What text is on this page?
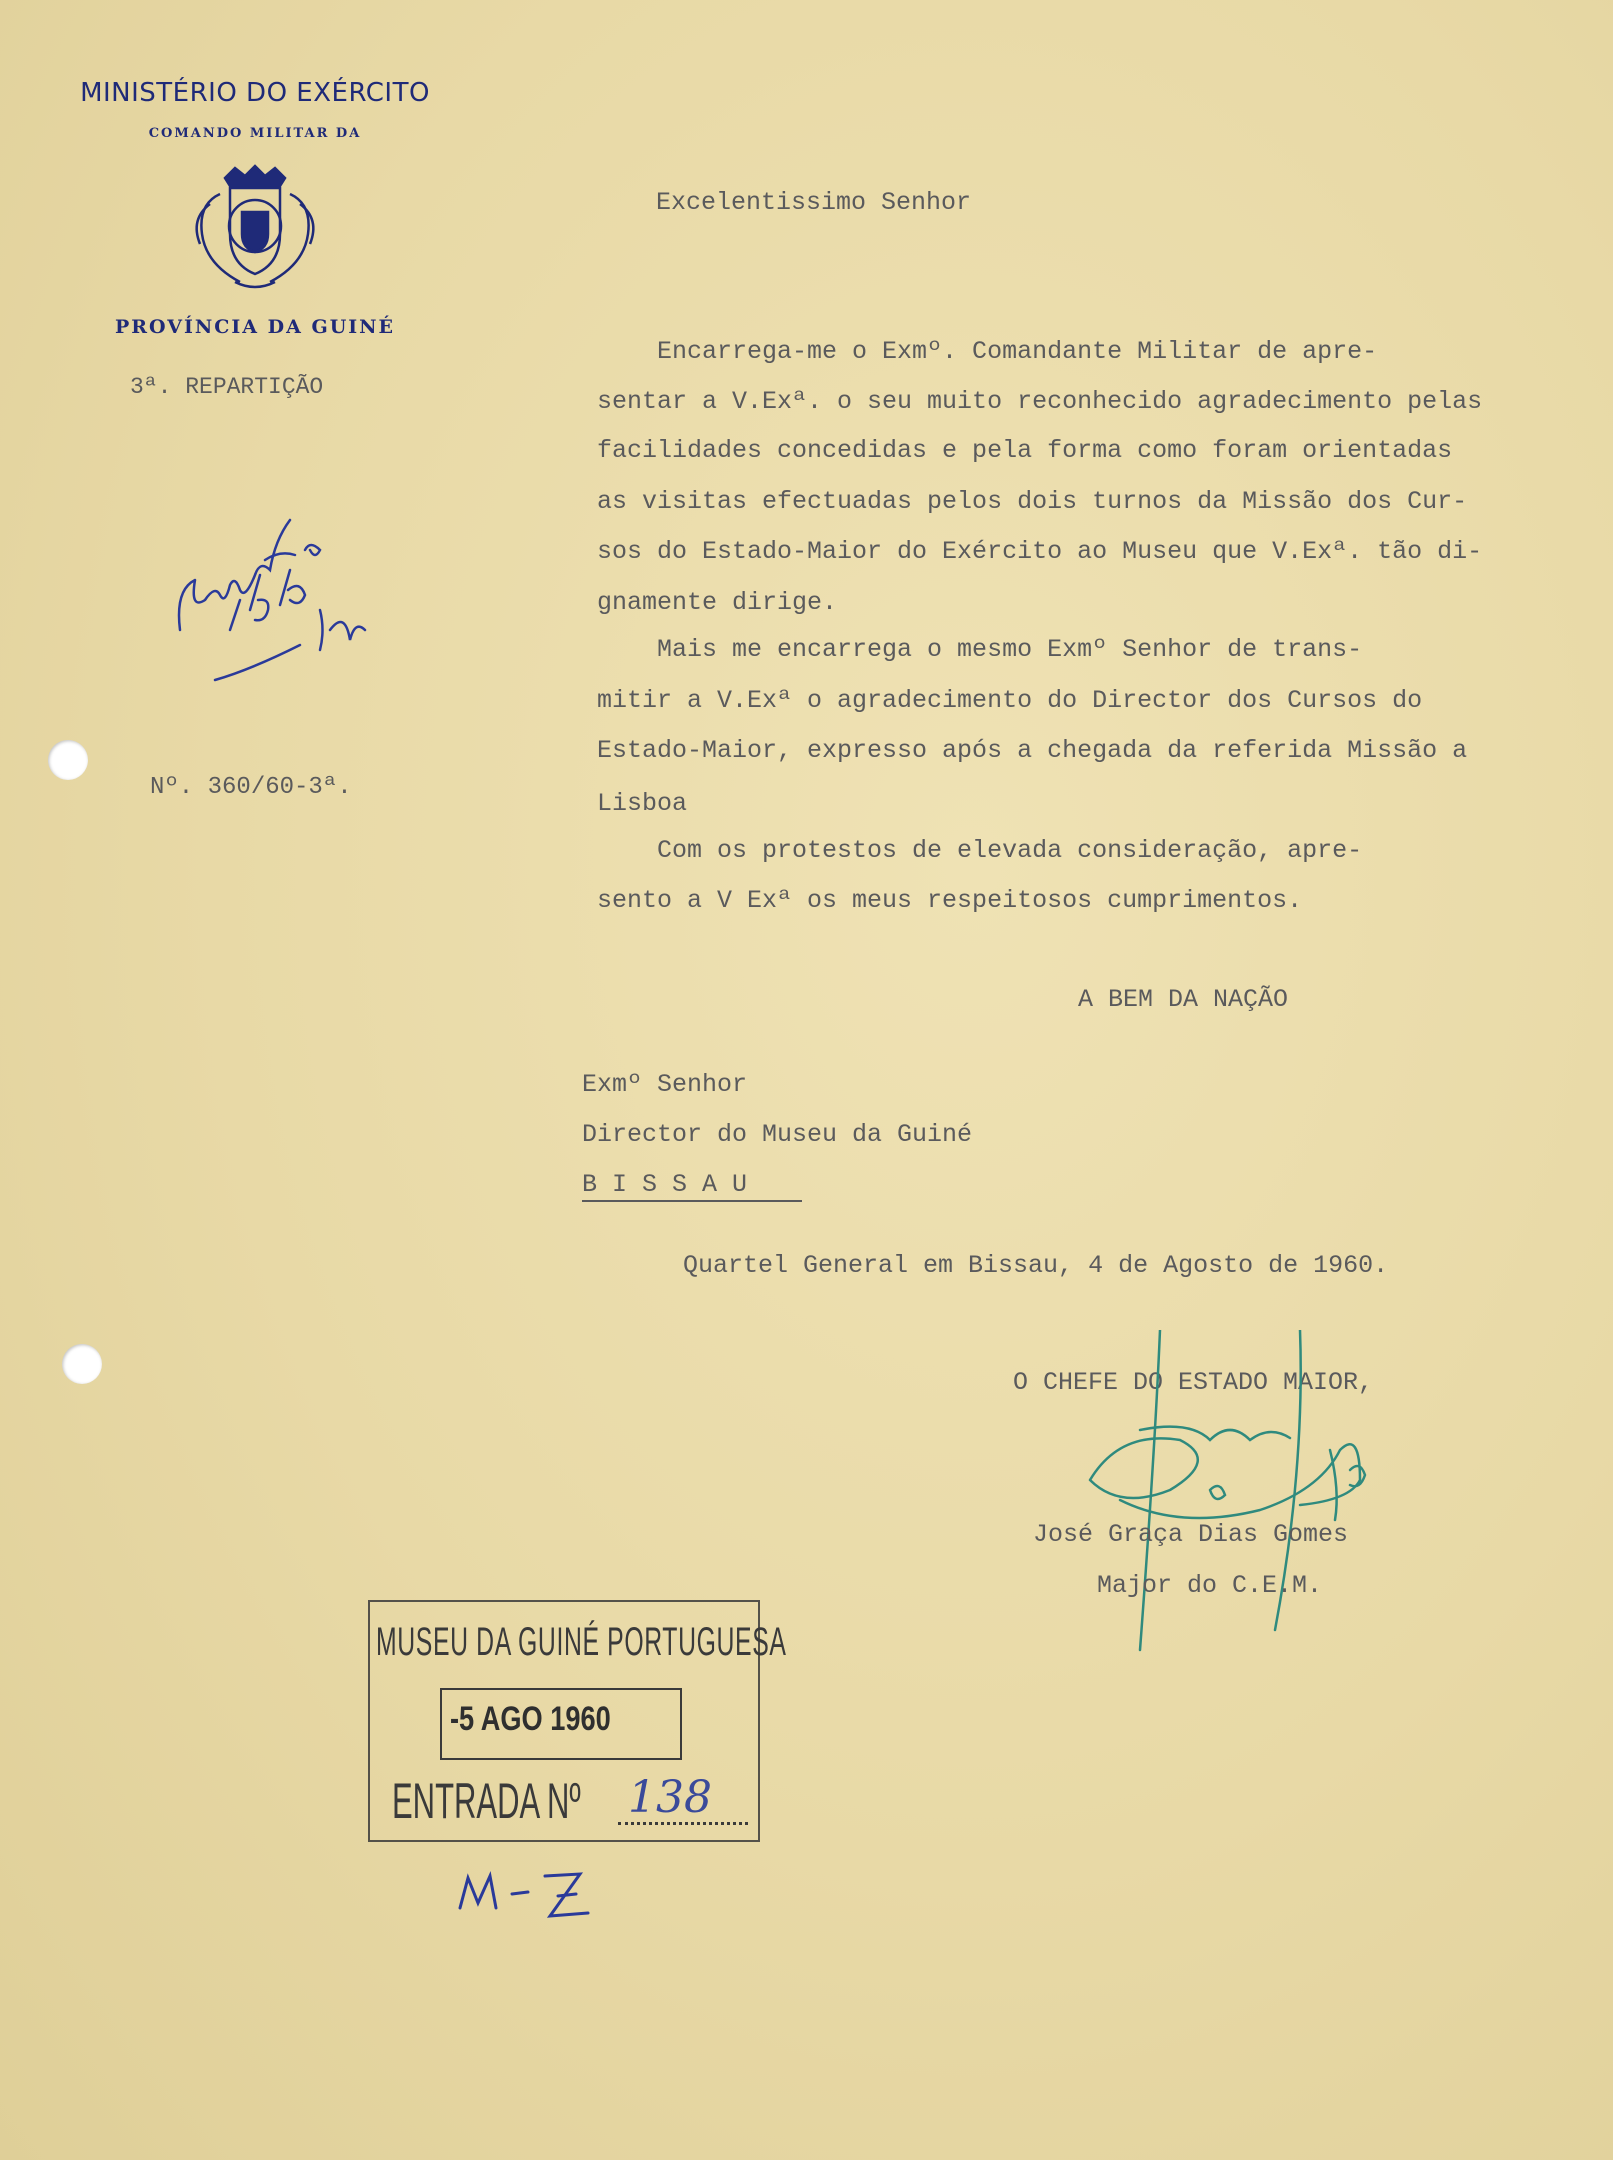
MINISTÉRIO DO EXÉRCITO
COMANDO MILITAR DA
PROVÍNCIA DA GUINÉ
3ª. REPARTIÇÃO
Nº. 360/60-3ª.
Excelentissimo Senhor
Encarrega-me o Exmº. Comandante Militar de apre-
sentar a V.Exª. o seu muito reconhecido agradecimento pelas
facilidades concedidas e pela forma como foram orientadas
as visitas efectuadas pelos dois turnos da Missão dos Cur-
sos do Estado-Maior do Exército ao Museu que V.Exª. tão di-
gnamente dirige.
Mais me encarrega o mesmo Exmº Senhor de trans-
mitir a V.Exª o agradecimento do Director dos Cursos do
Estado-Maior, expresso após a chegada da referida Missão a
Lisboa
Com os protestos de elevada consideração, apre-
sento a V Exª os meus respeitosos cumprimentos.
A BEM DA NAÇÃO
Exmº Senhor
Director do Museu da Guiné
B I S S A U
Quartel General em Bissau, 4 de Agosto de 1960.
O CHEFE DO ESTADO MAIOR,
José Graça Dias Gomes
Major do C.E.M.
MUSEU DA GUINÉ PORTUGUESA
-5 AGO 1960
ENTRADA Nº 138
